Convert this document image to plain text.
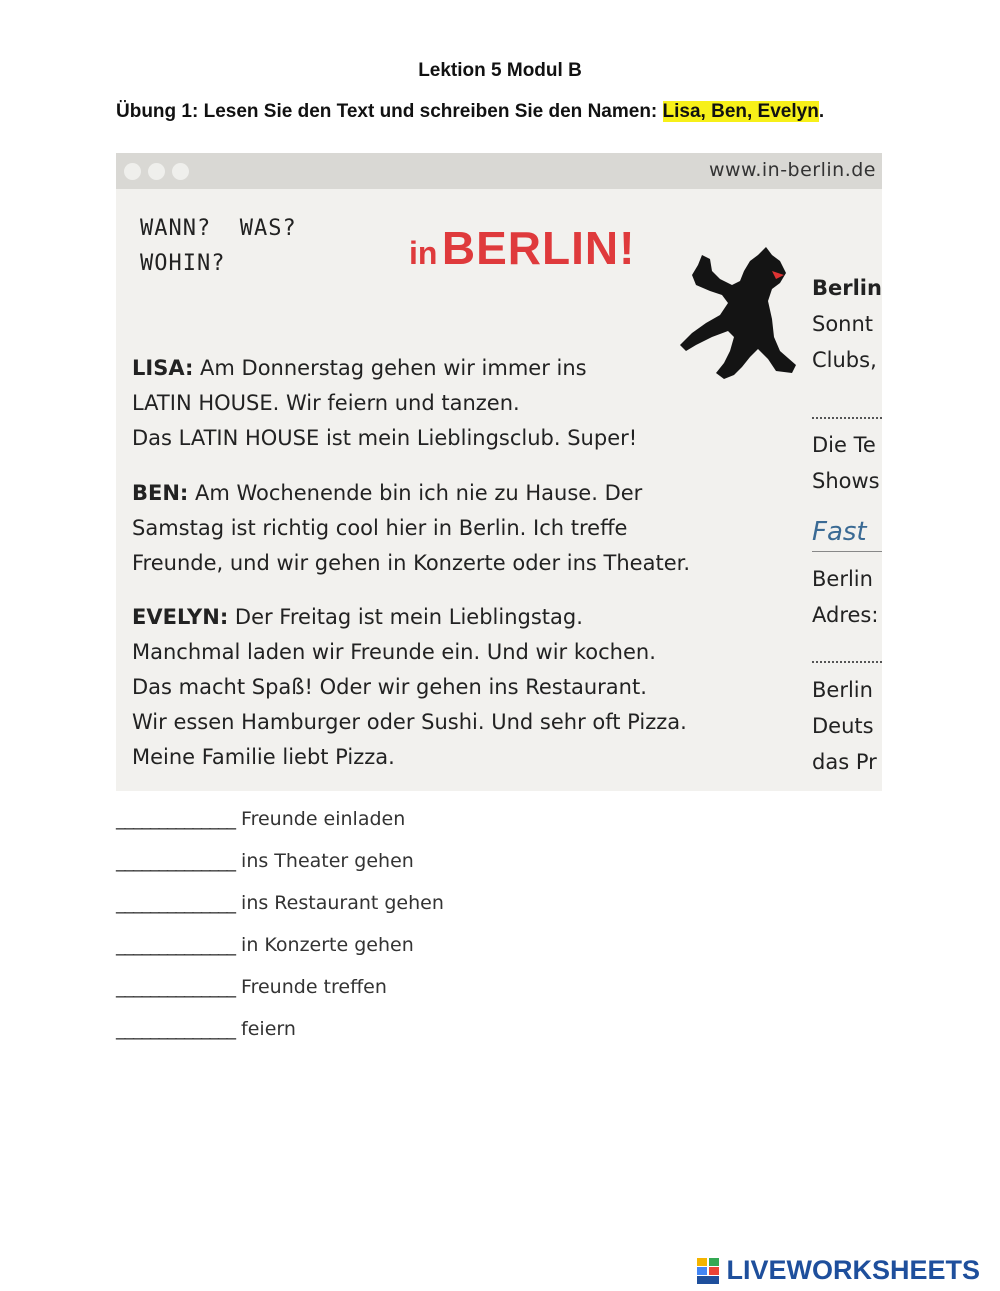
Lektion 5 Modul B
Übung 1: Lesen Sie den Text und schreiben Sie den Namen: Lisa, Ben, Evelyn.
www.in-berlin.de
WANN?  WAS?
WOHIN?	in BERLIN!
LISA: Am Donnerstag gehen wir immer ins
LATIN HOUSE. Wir feiern und tanzen.
Das LATIN HOUSE ist mein Lieblingsclub. Super!
BEN: Am Wochenende bin ich nie zu Hause. Der
Samstag ist richtig cool hier in Berlin. Ich treffe
Freunde, und wir gehen in Konzerte oder ins Theater.
EVELYN: Der Freitag ist mein Lieblingstag.
Manchmal laden wir Freunde ein. Und wir kochen.
Das macht Spaß! Oder wir gehen ins Restaurant.
Wir essen Hamburger oder Sushi. Und sehr oft Pizza.
Meine Familie liebt Pizza.
Berlin
Sonnt
Clubs,
Die Te
Shows
Fast
Berlin
Adres:
Berlin
Deuts
das Pr
______________ Freunde einladen
______________ ins Theater gehen
______________ ins Restaurant gehen
______________ in Konzerte gehen
______________ Freunde treffen
______________ feiern
LIVEWORKSHEETS
